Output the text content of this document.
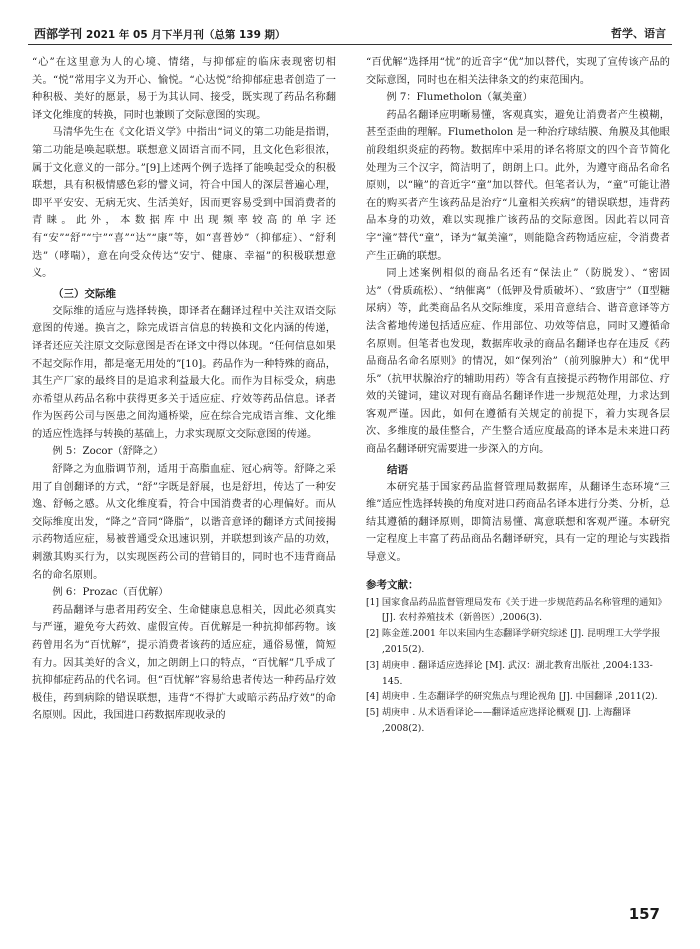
西部学刊 2021 年 05 月下半月刊（总第 139 期）	哲学、语言

“心”在这里意为人的心境、情绪，与抑郁症的临床表现密切相关。“悦”常用字义为开心、愉悦。“心达悦”给抑郁症患者创造了一种积极、美好的愿景，易于为其认同、接受，既实现了药品名称翻译文化维度的转换，同时也兼顾了交际意图的实现。

马清华先生在《文化语义学》中指出“词义的第二功能是指谓，第二功能是唤起联想。联想意义固语言而不同，且文化色彩很浓，属于文化意义的一部分。”[9]上述两个例子选择了能唤起受众的积极联想，具有积极情感色彩的譬义词，符合中国人的深层普遍心理，即平平安安、无病无灾、生活美好，因而更容易受到中国消费者的青睐。此外，本数据库中出现频率较高的单字还有“安”“舒”“宁”“喜”“达”“康”等，如“喜普妙”（抑郁症）、“舒利迭”（哮喘），意在向受众传达“安宁、健康、幸福”的积极联想意义。

（三）交际维

交际维的适应与选择转换，即译者在翻译过程中关注双语交际意图的传递。换言之，除完成语言信息的转换和文化内涵的传递，译者还应关注原文交际意图是否在译文中得以体现。“任何信息如果不起交际作用，都是毫无用处的”[10]。药品作为一种特殊的商品，其生产厂家的最终目的是追求利益最大化。而作为目标受众，病患亦希望从药品名称中获得更多关于适应症、疗效等药品信息。译者作为医药公司与医患之间沟通桥梁，应在综合完成语言维、文化维的适应性选择与转换的基础上，力求实现原文交际意图的传递。

例 5：Zocor（舒降之）

舒降之为血脂调节剂，适用于高脂血症、冠心病等。舒降之采用了自创翻译的方式，“舒”字既是舒展，也是舒坦，传达了一种安逸、舒畅之感。从文化维度看，符合中国消费者的心理偏好。而从交际维度出发，“降之”音同“降脂”，以谐音意译的翻译方式间接揭示药物适应症，易被普通受众迅速识别，并联想到该产品的功效，刺激其购买行为，以实现医药公司的营销目的，同时也不违背商品名的命名原则。

例 6：Prozac（百优解）

药品翻译与患者用药安全、生命健康息息相关，因此必须真实与严谨，避免夸大药效、虚假宣传。百优解是一种抗抑郁药物。该药曾用名为“百忧解”，提示消费者该药的适应症，通俗易懂，简短有力。因其美好的含义，加之朗朗上口的特点，“百忧解”几乎成了抗抑郁症药品的代名词。但“百忧解”容易给患者传达一种药品疗效极佳，药到病除的错误联想，违背“不得扩大或暗示药品疗效”的命名原则。因此，我国进口药数据库现收录的

“百优解”选择用“忧”的近音字“优”加以替代，实现了宣传该产品的交际意图，同时也在相关法律条文的约束范围内。

例 7：Flumetholon（氟美童）

药品名翻译应明晰易懂，客观真实，避免让消费者产生模糊，甚至歪曲的理解。Flumetholon 是一种治疗球结膜、角膜及其他眼前段组织炎症的药物。数据库中采用的译名将原文的四个音节简化处理为三个汉字，简洁明了，朗朗上口。此外，为遵守商品名命名原则，以“瞳”的音近字“童”加以替代。但笔者认为，“童”可能让潜在的购买者产生该药品是治疗“儿童相关疾病”的错误联想，违背药品本身的功效，难以实现推广该药品的交际意图。因此若以同音字“潼”替代“童”，译为“氟美潼”，则能隐含药物适应症，令消费者产生正确的联想。

同上述案例相似的商品名还有“保法止”（防脱发）、“密固达”（骨质疏松）、“纳催离”（低钾及骨质破坏）、“致唐宁”（Ⅱ型糖尿病）等，此类商品名从交际维度，采用音意结合、谐音意译等方法含蓄地传递包括适应症、作用部位、功效等信息，同时又遵循命名原则。但笔者也发现，数据库收录的商品名翻译也存在违反《药品商品名命名原则》的情况，如“保列治”（前列腺肿大）和“优甲乐”（抗甲状腺治疗的辅助用药）等含有直接提示药物作用部位、疗效的关键词，建议对现有商品名翻译作进一步规范处理，力求达到客观严谨。因此，如何在遵循有关规定的前提下，着力实现各层次、多维度的最佳整合，产生整合适应度最高的译本是未来进口药商品名翻译研究需要进一步深入的方向。

结语

本研究基于国家药品监督管理局数据库，从翻译生态环境“三维”适应性选择转换的角度对进口药商品名译本进行分类、分析，总结其遵循的翻译原则，即简洁易懂、寓意联想和客观严谨。本研究一定程度上丰富了药品商品名翻译研究，具有一定的理论与实践指导意义。

参考文献：
[1] 国家食品药品监督管理局发布《关于进一步规范药品名称管理的通知》[J]. 农村养殖技术（新兽医）,2006(3).
[2] 陈金莲.2001 年以来国内生态翻译学研究综述 [J]. 昆明理工大学学报 ,2015(2).
[3] 胡庚申 . 翻译适应选择论 [M]. 武汉：湖北教育出版社 ,2004:133-145.
[4] 胡庚申 . 生态翻译学的研究焦点与理论视角 [J]. 中国翻译 ,2011(2).
[5] 胡庚申 . 从术语看译论——翻译适应选择论概观 [J]. 上海翻译 ,2008(2).
157
